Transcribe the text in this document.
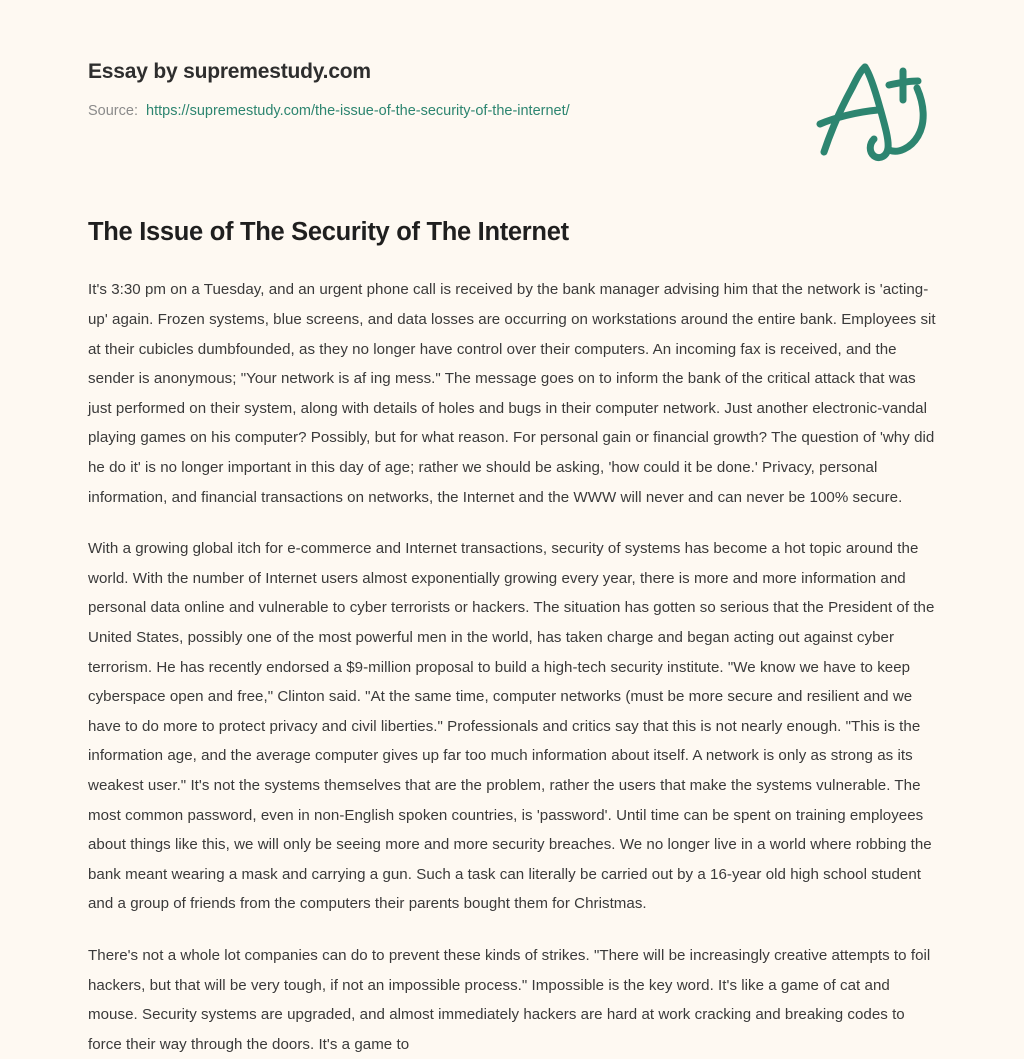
Essay by supremestudy.com
Source: https://supremestudy.com/the-issue-of-the-security-of-the-internet/
The Issue of The Security of The Internet

It's 3:30 pm on a Tuesday, and an urgent phone call is received by the bank manager advising him that the network is 'acting-up' again. Frozen systems, blue screens, and data losses are occurring on workstations around the entire bank. Employees sit at their cubicles dumbfounded, as they no longer have control over their computers. An incoming fax is received, and the sender is anonymous; "Your network is af ing mess." The message goes on to inform the bank of the critical attack that was just performed on their system, along with details of holes and bugs in their computer network. Just another electronic-vandal playing games on his computer? Possibly, but for what reason. For personal gain or financial growth? The question of 'why did he do it' is no longer important in this day of age; rather we should be asking, 'how could it be done.' Privacy, personal information, and financial transactions on networks, the Internet and the WWW will never and can never be 100% secure.

With a growing global itch for e-commerce and Internet transactions, security of systems has become a hot topic around the world. With the number of Internet users almost exponentially growing every year, there is more and more information and personal data online and vulnerable to cyber terrorists or hackers. The situation has gotten so serious that the President of the United States, possibly one of the most powerful men in the world, has taken charge and began acting out against cyber terrorism. He has recently endorsed a $9-million proposal to build a high-tech security institute. "We know we have to keep cyberspace open and free," Clinton said. "At the same time, computer networks (must be more secure and resilient and we have to do more to protect privacy and civil liberties." Professionals and critics say that this is not nearly enough. "This is the information age, and the average computer gives up far too much information about itself. A network is only as strong as its weakest user." It's not the systems themselves that are the problem, rather the users that make the systems vulnerable. The most common password, even in non-English spoken countries, is 'password'. Until time can be spent on training employees about things like this, we will only be seeing more and more security breaches. We no longer live in a world where robbing the bank meant wearing a mask and carrying a gun. Such a task can literally be carried out by a 16-year old high school student and a group of friends from the computers their parents bought them for Christmas.

There's not a whole lot companies can do to prevent these kinds of strikes. "There will be increasingly creative attempts to foil hackers, but that will be very tough, if not an impossible process." Impossible is the key word. It's like a game of cat and mouse. Security systems are upgraded, and almost immediately hackers are hard at work cracking and breaking codes to force their way through the doors. It's a game to
